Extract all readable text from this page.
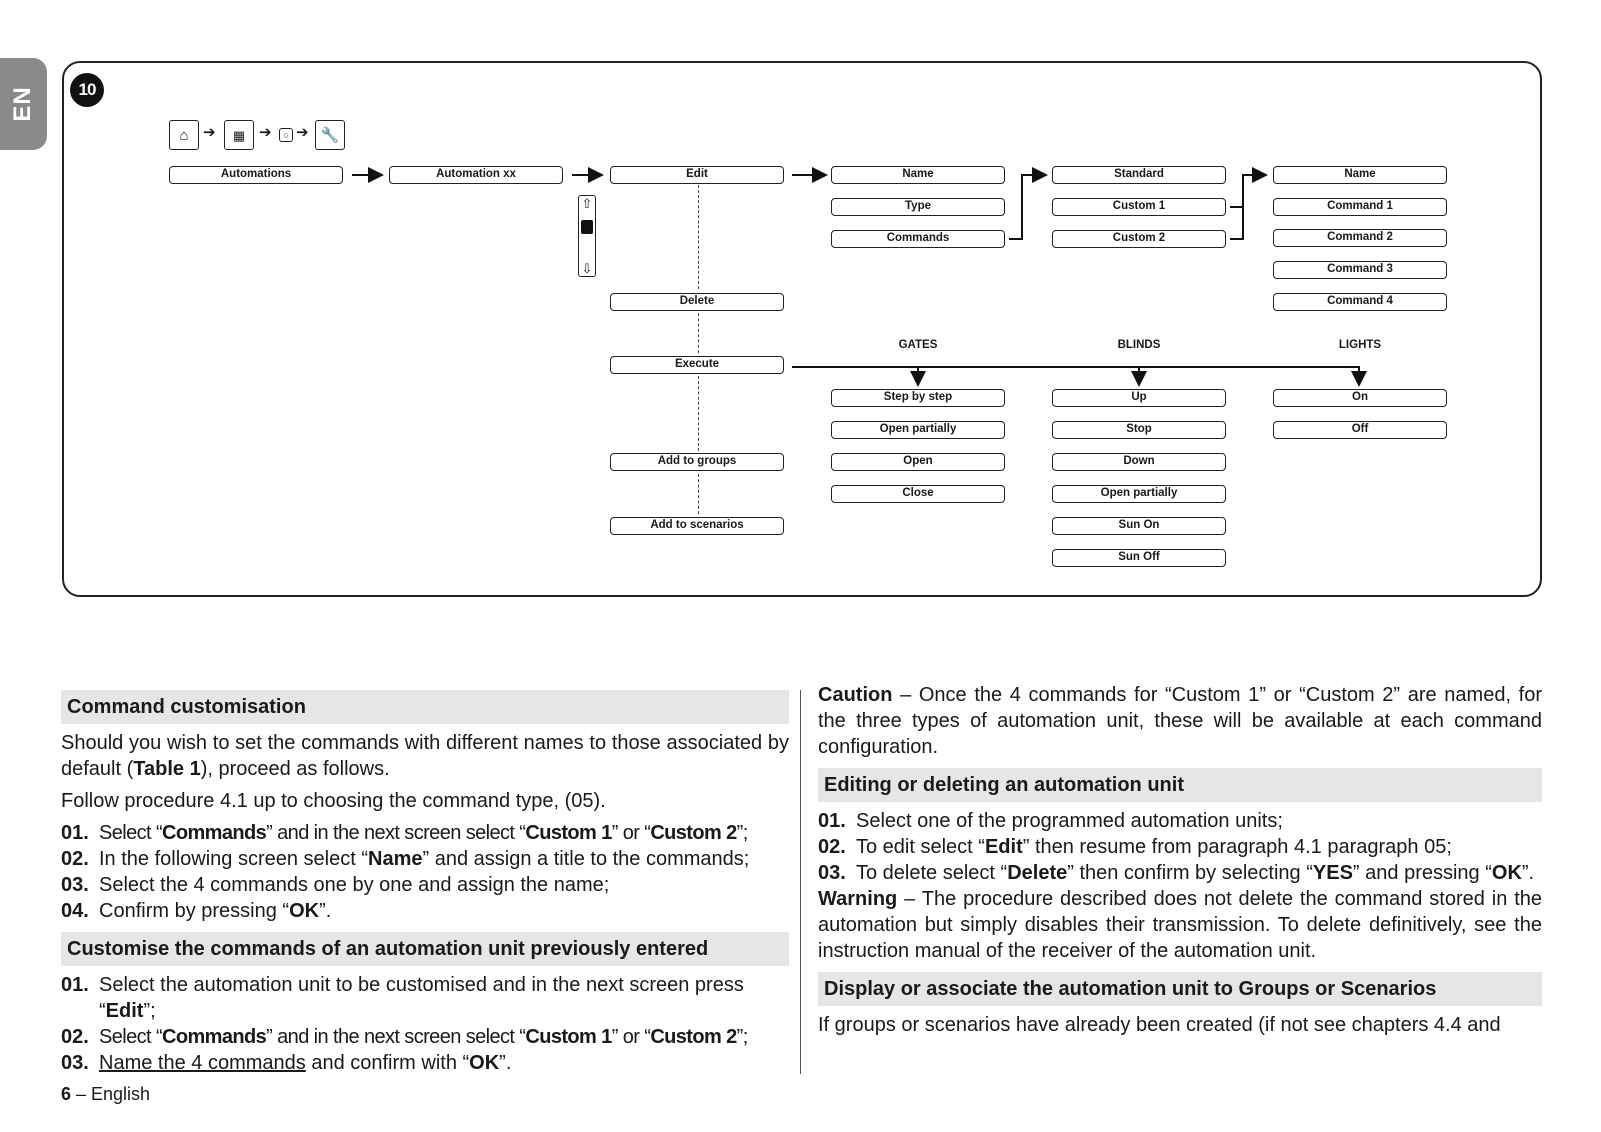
EN	10
⌂ ➔	▦ ➔	○ ➔ 🔧
⇧
⇩
Automations	Automation xx	Edit	Name
Type
Commands
Standard
Custom 1
Custom 2
Name
Command 1
Command 2
Command 3
Command 4
Delete
Execute
Add to groups
Add to scenarios
GATES	BLINDS	LIGHTS
Step by step
Open partially
Open
Close
Up
Stop
Down
Open partially
Sun On
Sun Off
On
Off
Command customisation

Should you wish to set the commands with different names to those associated by default (Table 1), proceed as follows.

Follow procedure 4.1 up to choosing the command type, (05).

01. Select “Commands” and in the next screen select “Custom 1” or “Custom 2”;
02. In the following screen select “Name” and assign a title to the commands;
03. Select the 4 commands one by one and assign the name;
04. Confirm by pressing “OK”.
Customise the commands of an automation unit previously entered
01. Select the automation unit to be customised and in the next screen press “Edit”;
02. Select “Commands” and in the next screen select “Custom 1” or “Custom 2”;
03. Name the 4 commands and confirm with “OK”.

Caution – Once the 4 commands for “Custom 1” or “Custom 2” are named, for the three types of automation unit, these will be available at each command configuration.

Editing or deleting an automation unit
01. Select one of the programmed automation units;
02. To edit select “Edit” then resume from paragraph 4.1 paragraph 05;
03. To delete select “Delete” then confirm by selecting “YES” and pressing “OK”.

Warning – The procedure described does not delete the command stored in the automation but simply disables their transmission. To delete definitively, see the instruction manual of the receiver of the automation unit.

Display or associate the automation unit to Groups or Scenarios

If groups or scenarios have already been created (if not see chapters 4.4 and

6 – English
